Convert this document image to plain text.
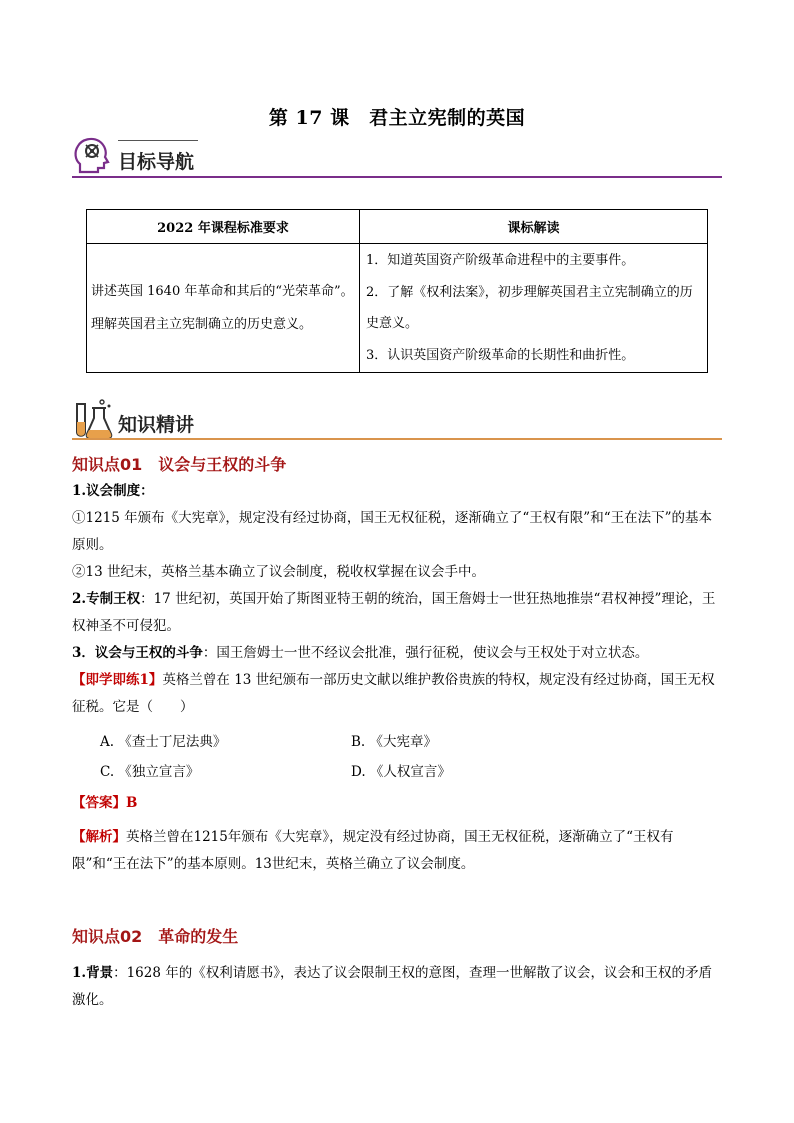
第 17 课　君主立宪制的英国
目标导航
2022 年课程标准要求	课标解读
讲述英国 1640 年革命和其后的“光荣革命”。理解英国君主立宪制确立的历史意义。	1．知道英国资产阶级革命进程中的主要事件。
2．了解《权利法案》，初步理解英国君主立宪制确立的历史意义。
3．认识英国资产阶级革命的长期性和曲折性。
知识精讲
知识点01　议会与王权的斗争
1.议会制度：
①1215 年颁布《大宪章》，规定没有经过协商，国王无权征税，逐渐确立了“王权有限”和“王在法下”的基本原则。
②13 世纪末，英格兰基本确立了议会制度，税收权掌握在议会手中。
2.专制王权：17 世纪初，英国开始了斯图亚特王朝的统治，国王詹姆士一世狂热地推崇“君权神授”理论，王权神圣不可侵犯。
3．议会与王权的斗争：国王詹姆士一世不经议会批准，强行征税，使议会与王权处于对立状态。
【即学即练1】英格兰曾在 13 世纪颁布一部历史文献以维护教俗贵族的特权，规定没有经过协商，国王无权征税。它是（　　）
A. 《查士丁尼法典》	B. 《大宪章》
C. 《独立宣言》	D. 《人权宣言》
【答案】B
【解析】英格兰曾在1215年颁布《大宪章》，规定没有经过协商，国王无权征税，逐渐确立了“王权有限”和“王在法下”的基本原则。13世纪末，英格兰确立了议会制度。
知识点02　革命的发生
1.背景：1628 年的《权利请愿书》，表达了议会限制王权的意图，查理一世解散了议会，议会和王权的矛盾激化。
